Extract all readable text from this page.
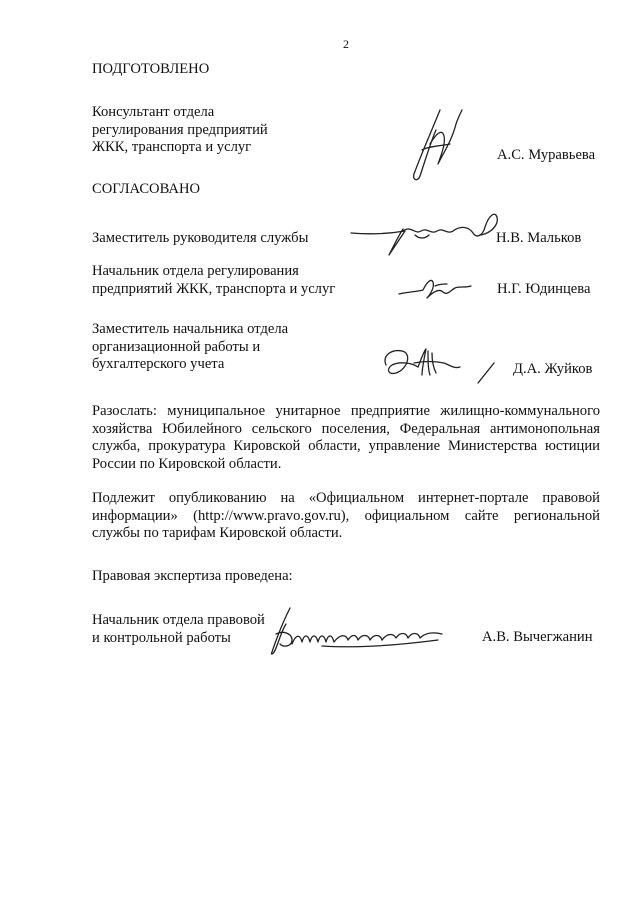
2
ПОДГОТОВЛЕНО
Консультант отдела
регулирования предприятий
ЖКК, транспорта и услуг	А.С. Муравьева
СОГЛАСОВАНО
Заместитель руководителя службы	Н.В. Мальков
Начальник отдела регулирования
предприятий ЖКК, транспорта и услуг	Н.Г. Юдинцева
Заместитель начальника отдела
организационной работы и
бухгалтерского учета	Д.А. Жуйков
Разослать: муниципальное унитарное предприятие жилищно-коммунального
хозяйства Юбилейного сельского поселения, Федеральная антимонопольная
служба, прокуратура Кировской области, управление Министерства юстиции
России по Кировской области.
Подлежит опубликованию на «Официальном интернет-портале правовой
информации» (http://www.pravo.gov.ru), официальном сайте региональной
службы по тарифам Кировской области.
Правовая экспертиза проведена:
Начальник отдела правовой
и контрольной работы	А.В. Вычегжанин
